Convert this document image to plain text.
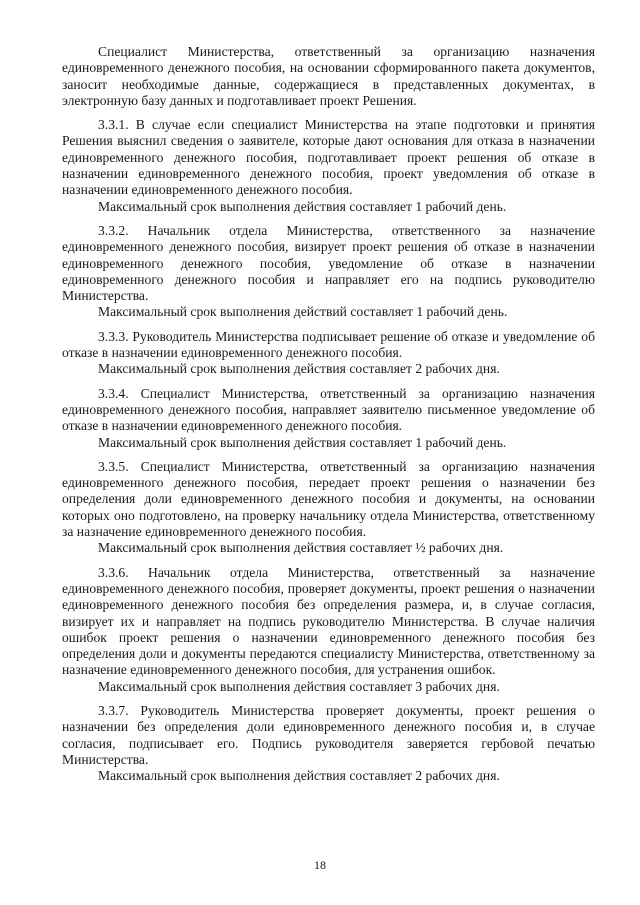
Специалист Министерства, ответственный за организацию назначения единовременного денежного пособия, на основании сформированного пакета документов, заносит необходимые данные, содержащиеся в представленных документах, в электронную базу данных и подготавливает проект Решения.

3.3.1. В случае если специалист Министерства на этапе подготовки и принятия Решения выяснил сведения о заявителе, которые дают основания для отказа в назначении единовременного денежного пособия, подготавливает проект решения об отказе в назначении единовременного денежного пособия, проект уведомления об отказе в назначении единовременного денежного пособия.

Максимальный срок выполнения действия составляет 1 рабочий день.

3.3.2. Начальник отдела Министерства, ответственного за назначение единовременного денежного пособия, визирует проект решения об отказе в назначении единовременного денежного пособия, уведомление об отказе в назначении единовременного денежного пособия и направляет его на подпись руководителю Министерства.

Максимальный срок выполнения действий составляет 1 рабочий день.

3.3.3. Руководитель Министерства подписывает решение об отказе и уведомление об отказе в назначении единовременного денежного пособия.

Максимальный срок выполнения действия составляет 2 рабочих дня.

3.3.4. Специалист Министерства, ответственный за организацию назначения единовременного денежного пособия, направляет заявителю письменное уведомление об отказе в назначении единовременного денежного пособия.

Максимальный срок выполнения действия составляет 1 рабочий день.

3.3.5. Специалист Министерства, ответственный за организацию назначения единовременного денежного пособия, передает проект решения о назначении без определения доли единовременного денежного пособия и документы, на основании которых оно подготовлено, на проверку начальнику отдела Министерства, ответственному за назначение единовременного денежного пособия.

Максимальный срок выполнения действия составляет ½ рабочих дня.

3.3.6. Начальник отдела Министерства, ответственный за назначение единовременного денежного пособия, проверяет документы, проект решения о назначении единовременного денежного пособия без определения размера, и, в случае согласия, визирует их и направляет на подпись руководителю Министерства. В случае наличия ошибок проект решения о назначении единовременного денежного пособия без определения доли и документы передаются специалисту Министерства, ответственному за назначение единовременного денежного пособия, для устранения ошибок.

Максимальный срок выполнения действия составляет 3 рабочих дня.

3.3.7. Руководитель Министерства проверяет документы, проект решения о назначении без определения доли единовременного денежного пособия и, в случае согласия, подписывает его. Подпись руководителя заверяется гербовой печатью Министерства.

Максимальный срок выполнения действия составляет 2 рабочих дня.

18
